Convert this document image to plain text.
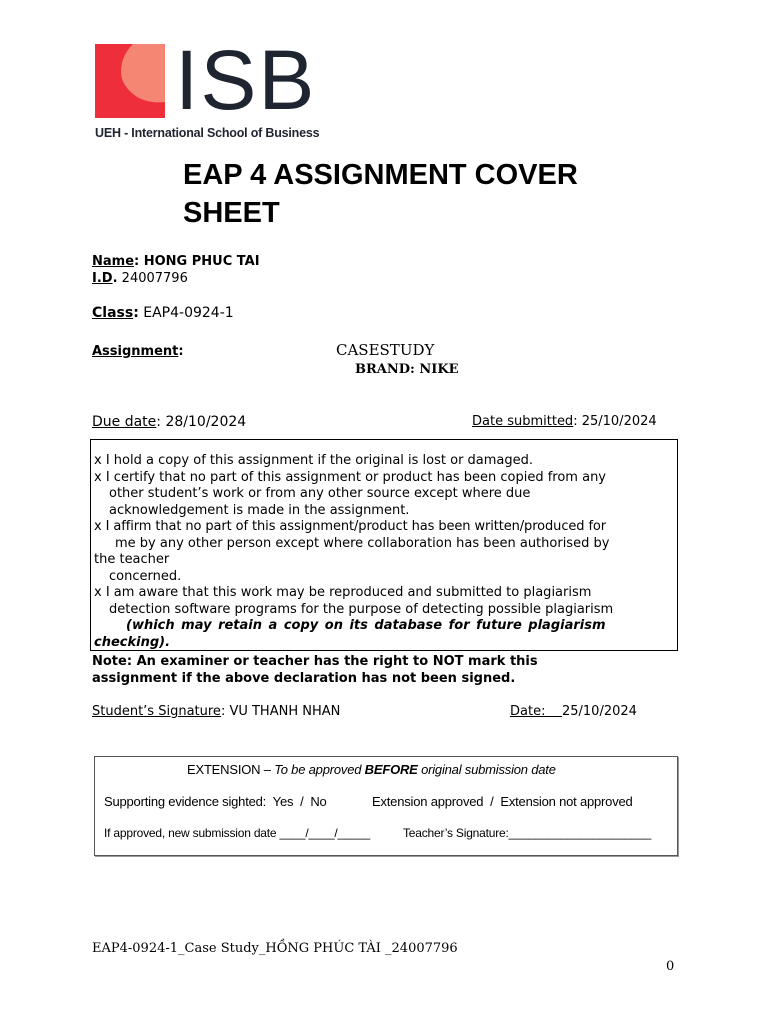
ISB
UEH - International School of Business
EAP 4 ASSIGNMENT COVER
SHEET
Name: HONG PHUC TAI
I.D. 24007796
Class: EAP4-0924-1
Assignment:	CASESTUDY
BRAND: NIKE
Due date: 28/10/2024	Date submitted: 25/10/2024

x I hold a copy of this assignment if the original is lost or damaged.

x I certify that no part of this assignment or product has been copied from any

other student’s work or from any other source except where due

acknowledgement is made in the assignment.

x I affirm that no part of this assignment/product has been written/produced for

me by any other person except where collaboration has been authorised by

the teacher

concerned.

x I am aware that this work may be reproduced and submitted to plagiarism

detection software programs for the purpose of detecting possible plagiarism

(which may retain a copy on its database for future plagiarism

checking).

Note: An examiner or teacher has the right to NOT mark this
assignment if the above declaration has not been signed.
Student’s Signature: VU THANH NHAN	Date: 25/10/2024
EXTENSION – To be approved BEFORE original submission date
Supporting evidence sighted:  Yes  /  No	Extension approved  /  Extension not approved
If approved, new submission date ____/____/_____	Teacher’s Signature:______________________
EAP4-0924-1_Case Study_HỒNG PHÚC TÀI _24007796
0
